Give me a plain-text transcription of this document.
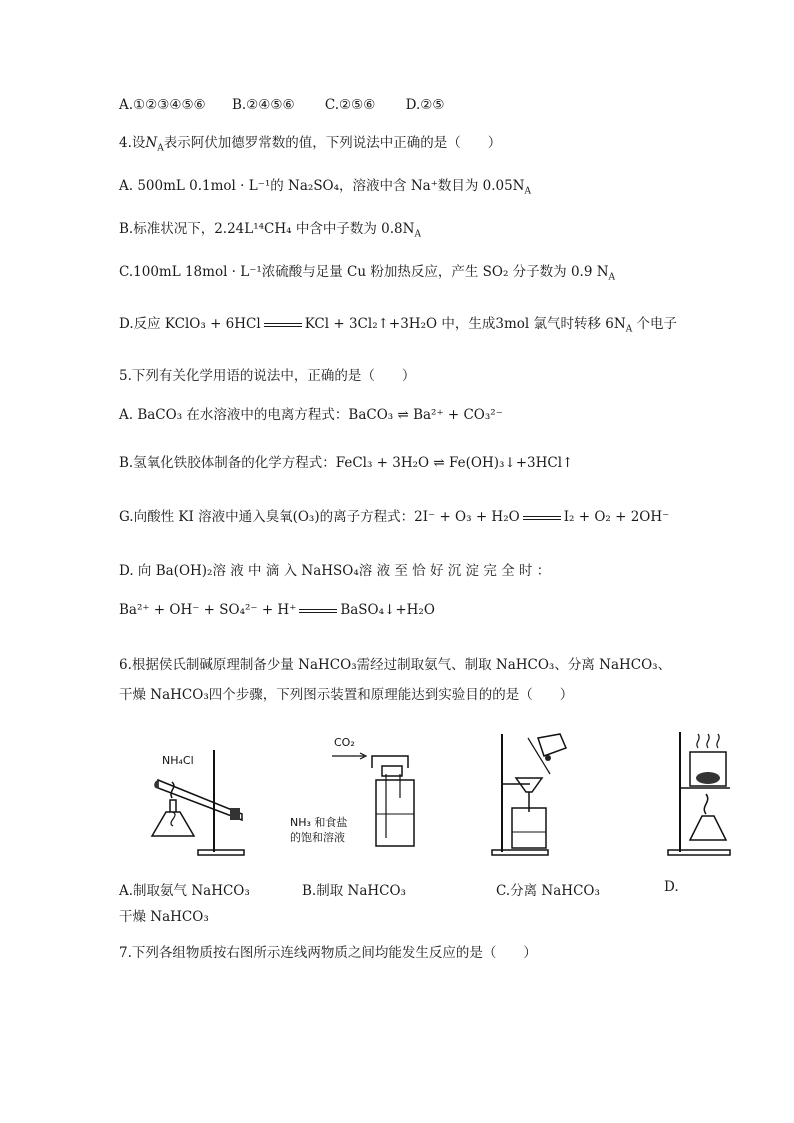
A.①②③④⑤⑥ B.②④⑤⑥ C.②⑤⑥ D.②⑤
4.设$N_A$表示阿伏加德罗常数的值，下列说法中正确的是（　　）
A. 500mL 0.1mol · L⁻¹的 Na₂SO₄，溶液中含 Na⁺数目为 $0.05N_A$
B.标准状况下，2.24L¹⁴CH₄ 中含中子数为 $0.8N_A$
C.100mL 18mol · L⁻¹浓硫酸与足量 Cu 粉加热反应，产生 SO₂ 分子数为 0.9 $N_A$
D.反应 KClO₃ + 6HCl	KCl + 3Cl₂↑+3H₂O 中，生成3mol 氯气时转移 $6N_A$ 个电子
5.下列有关化学用语的说法中，正确的是（　　）
A. BaCO₃ 在水溶液中的电离方程式：BaCO₃ ⇌ Ba²⁺ + CO₃²⁻
B.氢氧化铁胶体制备的化学方程式：FeCl₃ + 3H₂O ⇌ Fe(OH)₃↓+3HCl↑
G.向酸性 KI 溶液中通入臭氧(O₃)的离子方程式：2I⁻ + O₃ + H₂O	I₂ + O₂ + 2OH⁻
D. 向 Ba(OH)₂溶 液 中 滴 入 NaHSO₄溶 液 至 恰 好 沉 淀 完 全 时 ：
Ba²⁺ + OH⁻ + SO₄²⁻ + H⁺	BaSO₄↓+H₂O
6.根据侯氏制碱原理制备少量 NaHCO₃需经过制取氨气、制取 NaHCO₃、分离 NaHCO₃、
干燥 NaHCO₃四个步骤，下列图示装置和原理能达到实验目的的是（　　）
NH₄Cl
CO₂
NH₃ 和食盐
的饱和溶液
A.制取氨气 NaHCO₃	B.制取 NaHCO₃	C.分离 NaHCO₃	D.
干燥 NaHCO₃
7.下列各组物质按右图所示连线两物质之间均能发生反应的是（　　）
